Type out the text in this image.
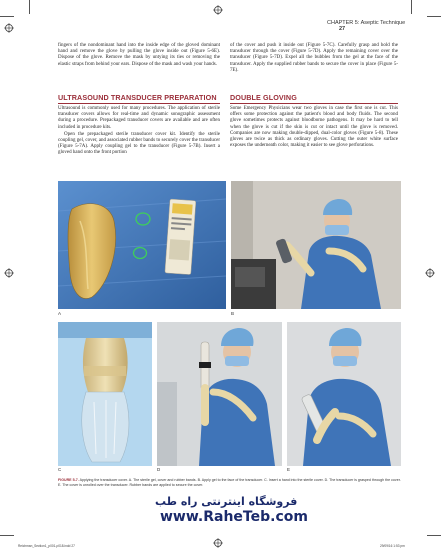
CHAPTER 5: Aseptic Technique 27

fingers of the nondominant hand into the inside edge of the gloved dominant hand and remove the glove by pulling the glove inside out (Figure 5-6E). Dispose of the glove. Remove the mask by untying its ties or removing the elastic straps from behind your ears. Dispose of the mask and wash your hands.

ULTRASOUND TRANSDUCER PREPARATION

Ultrasound is commonly used for many procedures. The application of sterile transducer covers allows for real-time and dynamic sonographic assessment during a procedure. Prepackaged transducer covers are available and are often included in procedure kits.

Open the prepackaged sterile transducer cover kit. Identify the sterile coupling gel, cover, and associated rubber bands to securely cover the transducer (Figure 5-7A). Apply coupling gel to the transducer (Figure 5-7B). Insert a gloved hand onto the front portion

of the cover and push it inside out (Figure 5-7C). Carefully grasp and hold the transducer through the cover (Figure 5-7D). Apply the remaining cover over the transducer (Figure 5-7D). Expel all the bubbles from the gel at the face of the transducer. Apply the supplied rubber bands to secure the cover in place (Figure 5-7E).

DOUBLE GLOVING

Some Emergency Physicians wear two gloves in case the first one is cut. This offers some protection against the patient's blood and body fluids. The second glove sometimes protects against bloodborne pathogens. It may be hard to tell when the glove is cut if the skin is cut or intact until the glove is removed. Companies are now making double-dipped, dual-color gloves (Figure 5-8). These gloves are twice as thick as ordinary gloves. Cutting the outer white surface exposes the underneath color, making it easier to see glove perforations.

A	B
C	D	E
FIGURE 5-7. Applying the transducer cover. A. The sterile gel, cover and rubber bands. B. Apply gel to the face of the transducer. C. Insert a hand into the sterile cover. D. The transducer is grasped through the cover. E. The cover is unrolled over the transducer. Rubber bands are applied to secure the cover.
فروشگاه اینترنتی راه طب
www.RaheTeb.com
Reichman_Section1_p001-p018.indd 27	29/09/16 1:53 pm
